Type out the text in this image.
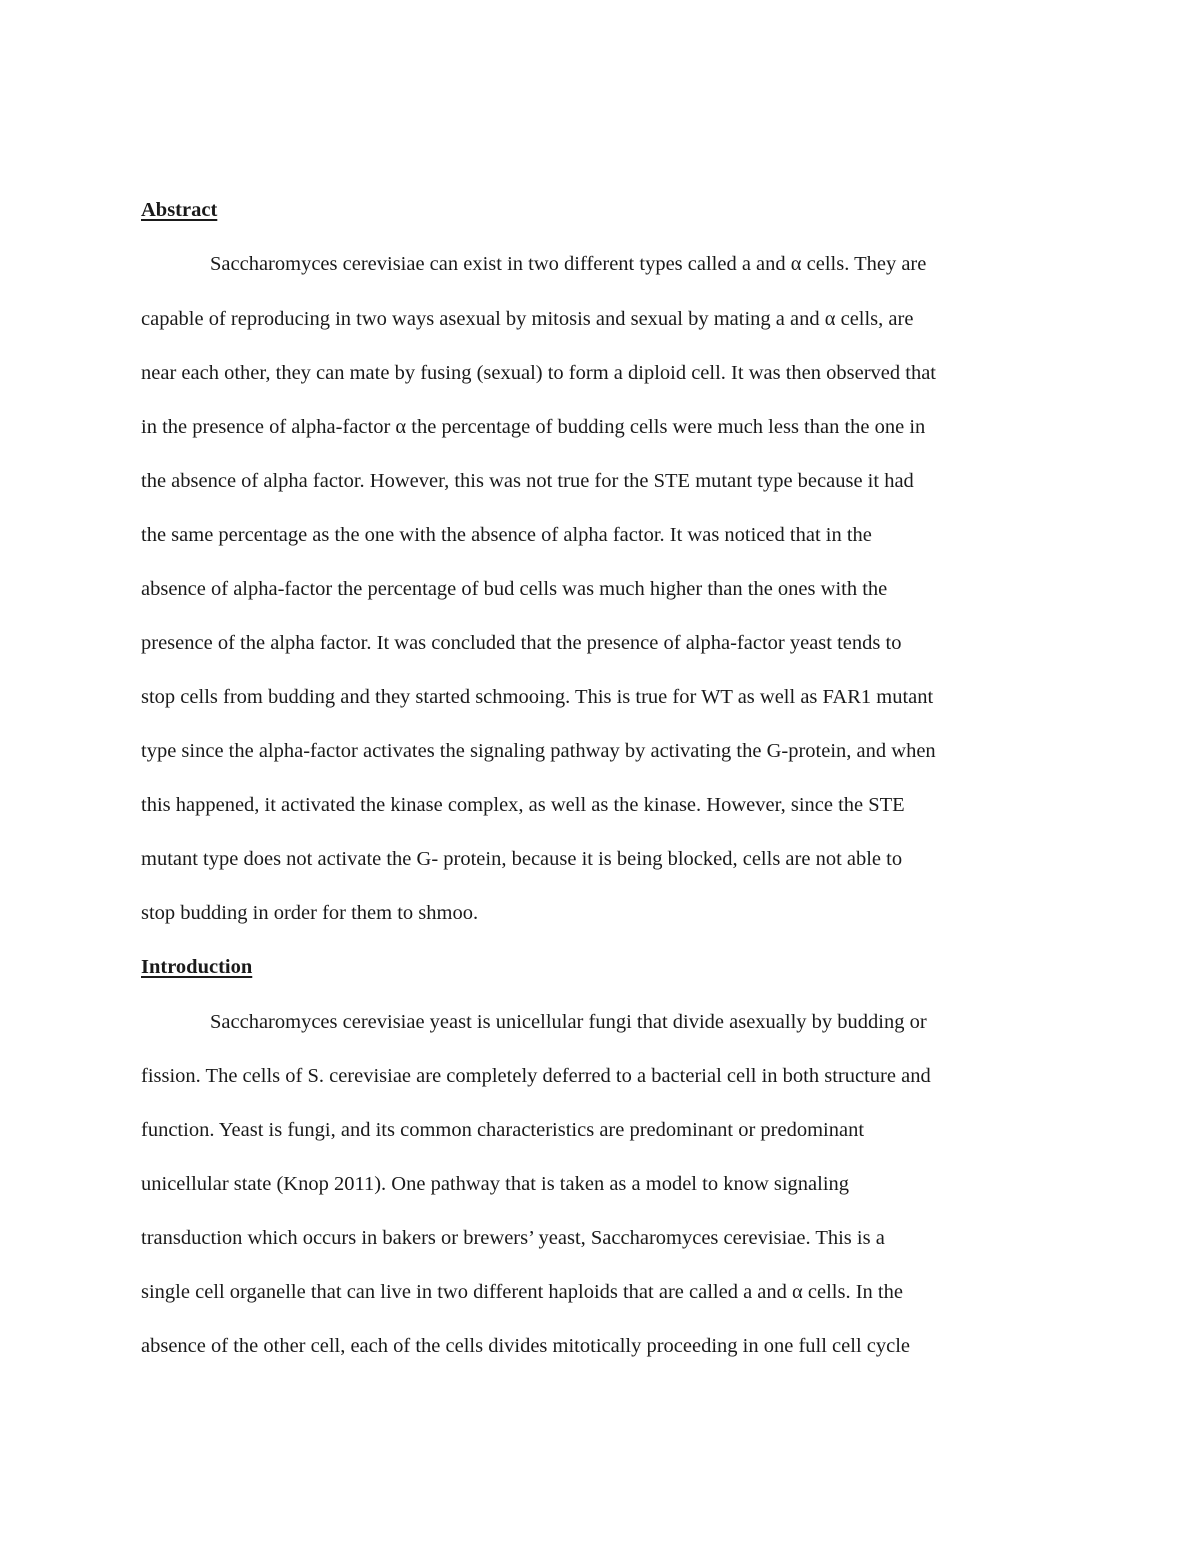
Abstract
Saccharomyces cerevisiae can exist in two different types called a and α cells. They are
capable of reproducing in two ways asexual by mitosis and sexual by mating a and α cells, are
near each other, they can mate by fusing (sexual) to form a diploid cell. It was then observed that
in the presence of alpha-factor α the percentage of budding cells were much less than the one in
the absence of alpha factor. However, this was not true for the STE mutant type because it had
the same percentage as the one with the absence of alpha factor. It was noticed that in the
absence of alpha-factor the percentage of bud cells was much higher than the ones with the
presence of the alpha factor. It was concluded that the presence of alpha-factor yeast tends to
stop cells from budding and they started schmooing. This is true for WT as well as FAR1 mutant
type since the alpha-factor activates the signaling pathway by activating the G-protein, and when
this happened, it activated the kinase complex, as well as the kinase. However, since the STE
mutant type does not activate the G- protein, because it is being blocked, cells are not able to
stop budding in order for them to shmoo.
Introduction
Saccharomyces cerevisiae yeast is unicellular fungi that divide asexually by budding or
fission. The cells of S. cerevisiae are completely deferred to a bacterial cell in both structure and
function. Yeast is fungi, and its common characteristics are predominant or predominant
unicellular state (Knop 2011). One pathway that is taken as a model to know signaling
transduction which occurs in bakers or brewers’ yeast, Saccharomyces cerevisiae. This is a
single cell organelle that can live in two different haploids that are called a and α cells. In the
absence of the other cell, each of the cells divides mitotically proceeding in one full cell cycle
